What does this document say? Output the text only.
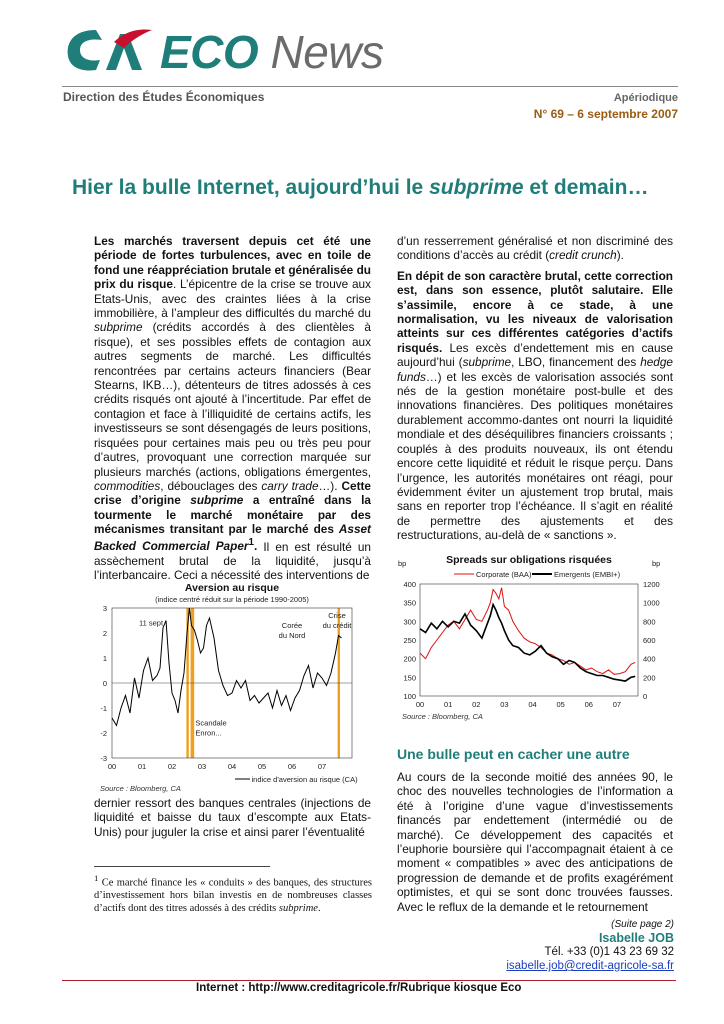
ECO News
Direction des Études Économiques	Apériodique
N° 69 – 6 septembre 2007
Hier la bulle Internet, aujourd’hui le subprime et demain…

Les marchés traversent depuis cet été une période de fortes turbulences, avec en toile de fond une réappréciation brutale et généralisée du prix du risque. L’épicentre de la crise se trouve aux Etats-Unis, avec des craintes liées à la crise immobilière, à l’ampleur des difficultés du marché du subprime (crédits accordés à des clientèles à risque), et ses possibles effets de contagion aux autres segments de marché. Les difficultés rencontrées par certains acteurs financiers (Bear Stearns, IKB…), détenteurs de titres adossés à ces crédits risqués ont ajouté à l’incertitude. Par effet de contagion et face à l’illiquidité de certains actifs, les investisseurs se sont désengagés de leurs positions, risquées pour certaines mais peu ou très peu pour d’autres, provoquant une correction marquée sur plusieurs marchés (actions, obligations émergentes, commodities, débouclages des carry trade…). Cette crise d’origine subprime a entraîné dans la tourmente le marché monétaire par des mécanismes transitant par le marché des Asset Backed Commercial Paper$^1$. Il en est résulté un assèchement brutal de la liquidité, jusqu’à l’interbancaire. Ceci a nécessité des interventions de

Aversion au risque
(indice centré réduit sur la période 1990-2005)
3
2
1
0
-1
-2
-3
00	01	02	03	04	05	06	07
11 sept.	Corée
du Nord
Crise
du crédit
Scandale
Enron...
indice d'aversion au risque (CA)
Source : Bloomberg, CA
dernier ressort des banques centrales (injections de liquidité et baisse du taux d’escompte aux Etats-Unis) pour juguler la crise et ainsi parer l’éventualité
$^1$ Ce marché finance les « conduits » des banques, des structures d’investissement hors bilan investis en de nombreuses classes d’actifs dont des titres adossés à des crédits subprime.

d’un resserrement généralisé et non discriminé des conditions d’accès au crédit (credit crunch).

En dépit de son caractère brutal, cette correction est, dans son essence, plutôt salutaire. Elle s’assimile, encore à ce stade, à une normalisation, vu les niveaux de valorisation atteints sur ces différentes catégories d’actifs risqués. Les excès d’endettement mis en cause aujourd’hui (subprime, LBO, financement des hedge funds…) et les excès de valorisation associés sont nés de la gestion monétaire post-bulle et des innovations financières. Des politiques monétaires durablement accommo-dantes ont nourri la liquidité mondiale et des déséquilibres financiers croissants ; couplés à des produits nouveaux, ils ont étendu encore cette liquidité et réduit le risque perçu. Dans l’urgence, les autorités monétaires ont réagi, pour évidemment éviter un ajustement trop brutal, mais sans en reporter trop l’échéance. Il s’agit en réalité de permettre des ajustements et des restructurations, au-delà de « sanctions ».

Spreads sur obligations risquées
bp	bp
Corporate (BAA)	Emergents (EMBI+)
400
350
300
250
200
150
100
1200
1000
800
600
400
200
0
00	01	02	03	04	05	06	07
Source : Bloomberg, CA
Une bulle peut en cacher une autre
Au cours de la seconde moitié des années 90, le choc des nouvelles technologies de l’information a été à l’origine d’une vague d’investissements financés par endettement (intermédié ou de marché). Ce développement des capacités et l’euphorie boursière qui l’accompagnait étaient à ce moment « compatibles » avec des anticipations de progression de demande et de profits exagérément optimistes, et qui se sont donc trouvées fausses. Avec le reflux de la demande et le retournement
(Suite page 2)
Isabelle JOB
Tél. +33 (0)1 43 23 69 32
isabelle.job@credit-agricole-sa.fr
Internet : http://www.creditagricole.fr/Rubrique kiosque Eco
